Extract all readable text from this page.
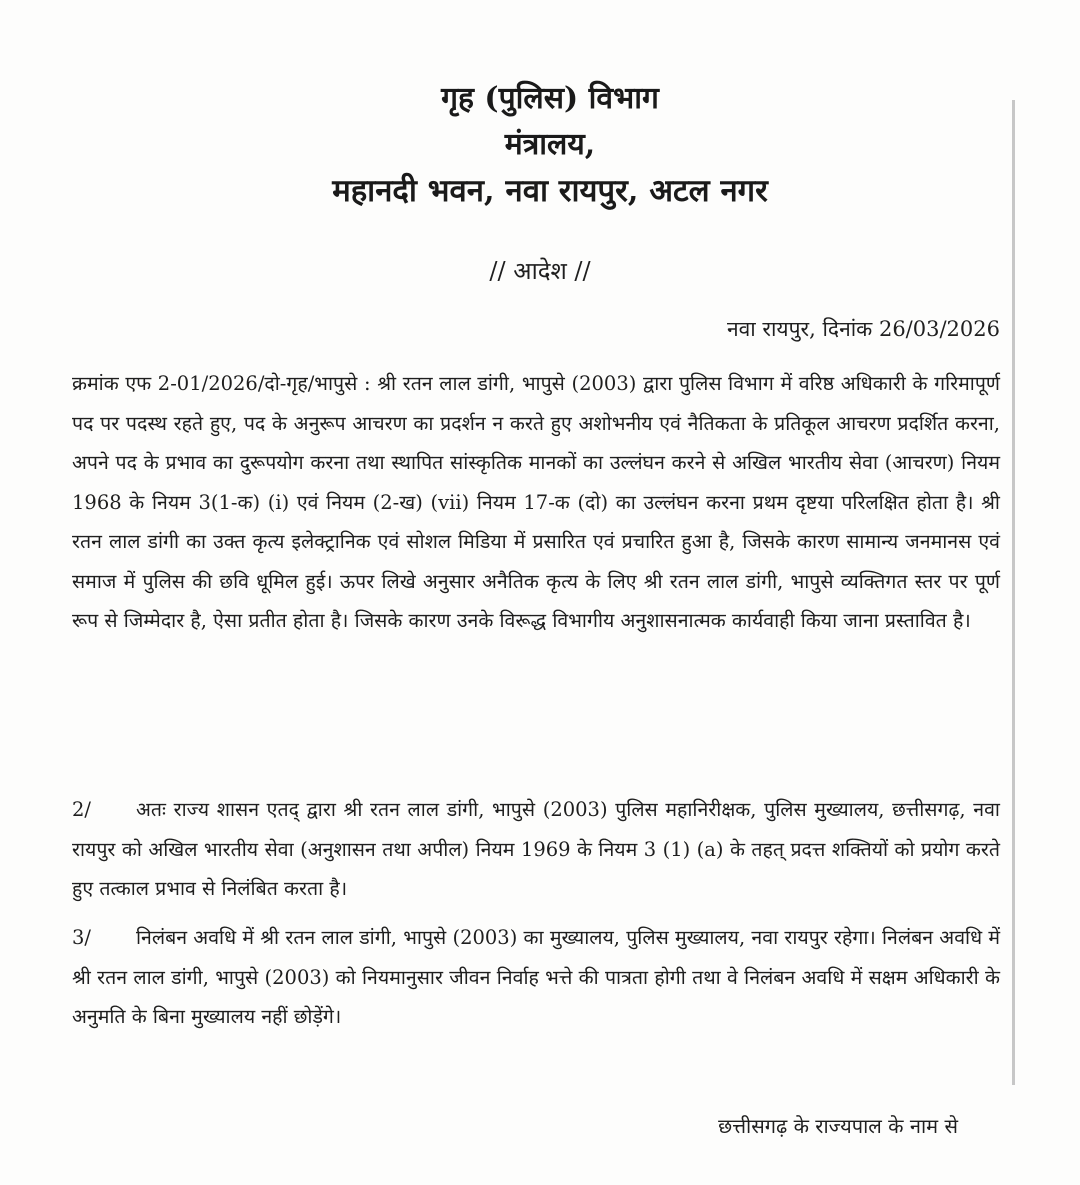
गृह (पुलिस) विभाग
मंत्रालय,
महानदी भवन, नवा रायपुर, अटल नगर
// आदेश //
नवा रायपुर, दिनांक 26/03/2026
क्रमांक एफ 2-01/2026/दो-गृह/भापुसे : श्री रतन लाल डांगी, भापुसे (2003) द्वारा पुलिस विभाग में वरिष्ठ अधिकारी के गरिमापूर्ण पद पर पदस्थ रहते हुए, पद के अनुरूप आचरण का प्रदर्शन न करते हुए अशोभनीय एवं नैतिकता के प्रतिकूल आचरण प्रदर्शित करना, अपने पद के प्रभाव का दुरूपयोग करना तथा स्थापित सांस्कृतिक मानकों का उल्लंघन करने से अखिल भारतीय सेवा (आचरण) नियम 1968 के नियम 3(1-क) (i) एवं नियम (2-ख) (vii) नियम 17-क (दो) का उल्लंघन करना प्रथम दृष्टया परिलक्षित होता है। श्री रतन लाल डांगी का उक्त कृत्य इलेक्ट्रानिक एवं सोशल मिडिया में प्रसारित एवं प्रचारित हुआ है, जिसके कारण सामान्य जनमानस एवं समाज में पुलिस की छवि धूमिल हुई। ऊपर लिखे अनुसार अनैतिक कृत्य के लिए श्री रतन लाल डांगी, भापुसे व्यक्तिगत स्तर पर पूर्ण रूप से जिम्मेदार है, ऐसा प्रतीत होता है। जिसके कारण उनके विरूद्ध विभागीय अनुशासनात्मक कार्यवाही किया जाना प्रस्तावित है।
2/ अतः राज्य शासन एतद् द्वारा श्री रतन लाल डांगी, भापुसे (2003) पुलिस महानिरीक्षक, पुलिस मुख्यालय, छत्तीसगढ़, नवा रायपुर को अखिल भारतीय सेवा (अनुशासन तथा अपील) नियम 1969 के नियम 3 (1) (a) के तहत् प्रदत्त शक्तियों को प्रयोग करते हुए तत्काल प्रभाव से निलंबित करता है।
3/ निलंबन अवधि में श्री रतन लाल डांगी, भापुसे (2003) का मुख्यालय, पुलिस मुख्यालय, नवा रायपुर रहेगा। निलंबन अवधि में श्री रतन लाल डांगी, भापुसे (2003) को नियमानुसार जीवन निर्वाह भत्ते की पात्रता होगी तथा वे निलंबन अवधि में सक्षम अधिकारी के अनुमति के बिना मुख्यालय नहीं छोड़ेंगे।
छत्तीसगढ़ के राज्यपाल के नाम से
